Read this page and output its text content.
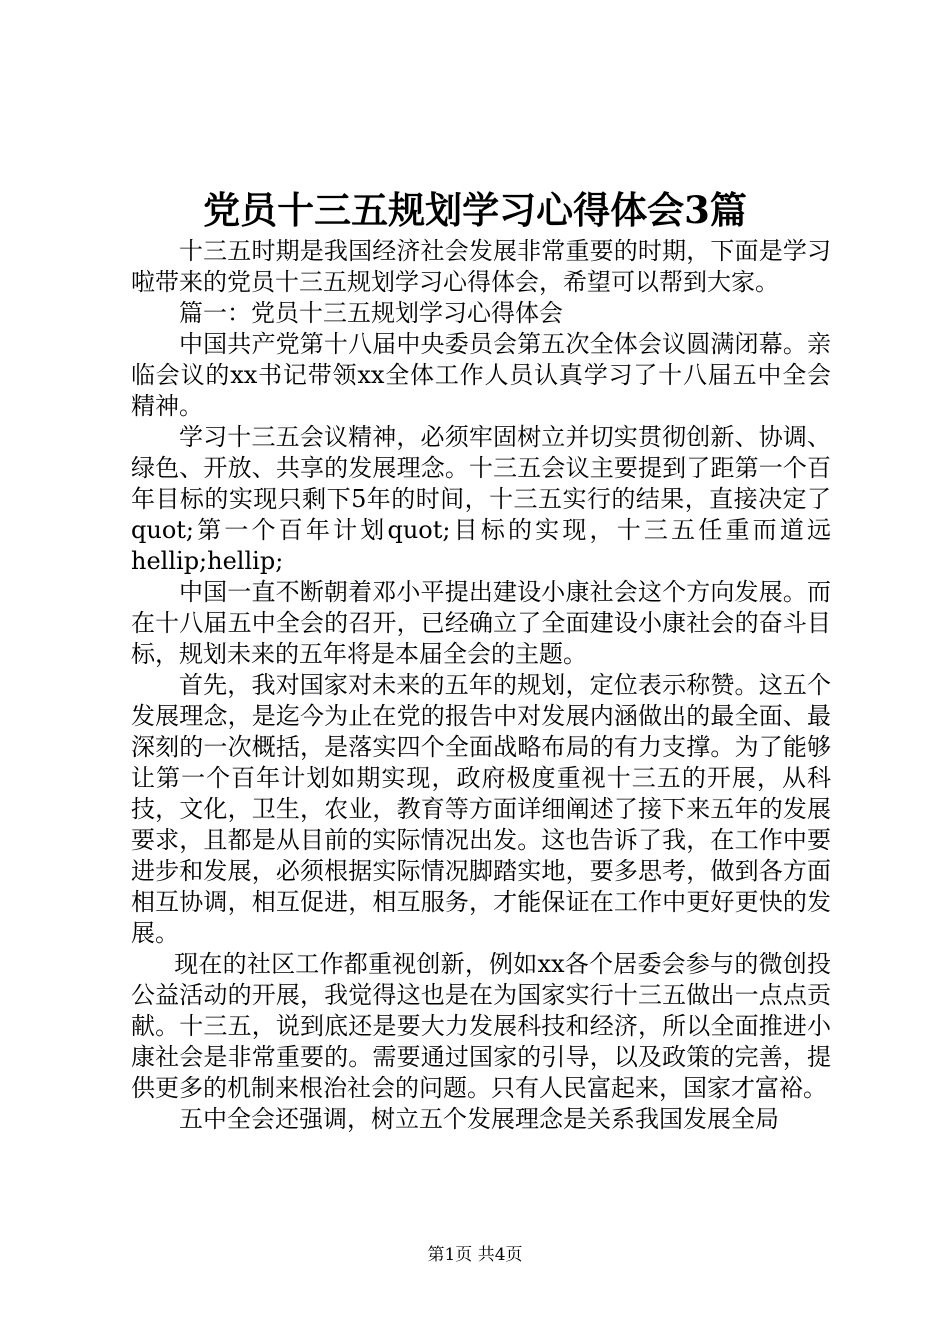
党员十三五规划学习心得体会3篇

十三五时期是我国经济社会发展非常重要的时期，下面是学习啦带来的党员十三五规划学习心得体会，希望可以帮到大家。

篇一：党员十三五规划学习心得体会

中国共产党第十八届中央委员会第五次全体会议圆满闭幕。亲临会议的xx书记带领xx全体工作人员认真学习了十八届五中全会精神。

学习十三五会议精神，必须牢固树立并切实贯彻创新、协调、绿色、开放、共享的发展理念。十三五会议主要提到了距第一个百年目标的实现只剩下5年的时间，十三五实行的结果，直接决定了quot;第一个百年计划quot;目标的实现，十三五任重而道远hellip;hellip;

中国一直不断朝着邓小平提出建设小康社会这个方向发展。而在十八届五中全会的召开，已经确立了全面建设小康社会的奋斗目标，规划未来的五年将是本届全会的主题。

首先，我对国家对未来的五年的规划，定位表示称赞。这五个发展理念，是迄今为止在党的报告中对发展内涵做出的最全面、最深刻的一次概括，是落实四个全面战略布局的有力支撑。为了能够让第一个百年计划如期实现，政府极度重视十三五的开展，从科技，文化，卫生，农业，教育等方面详细阐述了接下来五年的发展要求，且都是从目前的实际情况出发。这也告诉了我，在工作中要进步和发展，必须根据实际情况脚踏实地，要多思考，做到各方面相互协调，相互促进，相互服务，才能保证在工作中更好更快的发展。

现在的社区工作都重视创新，例如xx各个居委会参与的微创投公益活动的开展，我觉得这也是在为国家实行十三五做出一点点贡献。十三五，说到底还是要大力发展科技和经济，所以全面推进小康社会是非常重要的。需要通过国家的引导，以及政策的完善，提供更多的机制来根治社会的问题。只有人民富起来，国家才富裕。

五中全会还强调，树立五个发展理念是关系我国发展全局

第1页 共4页
